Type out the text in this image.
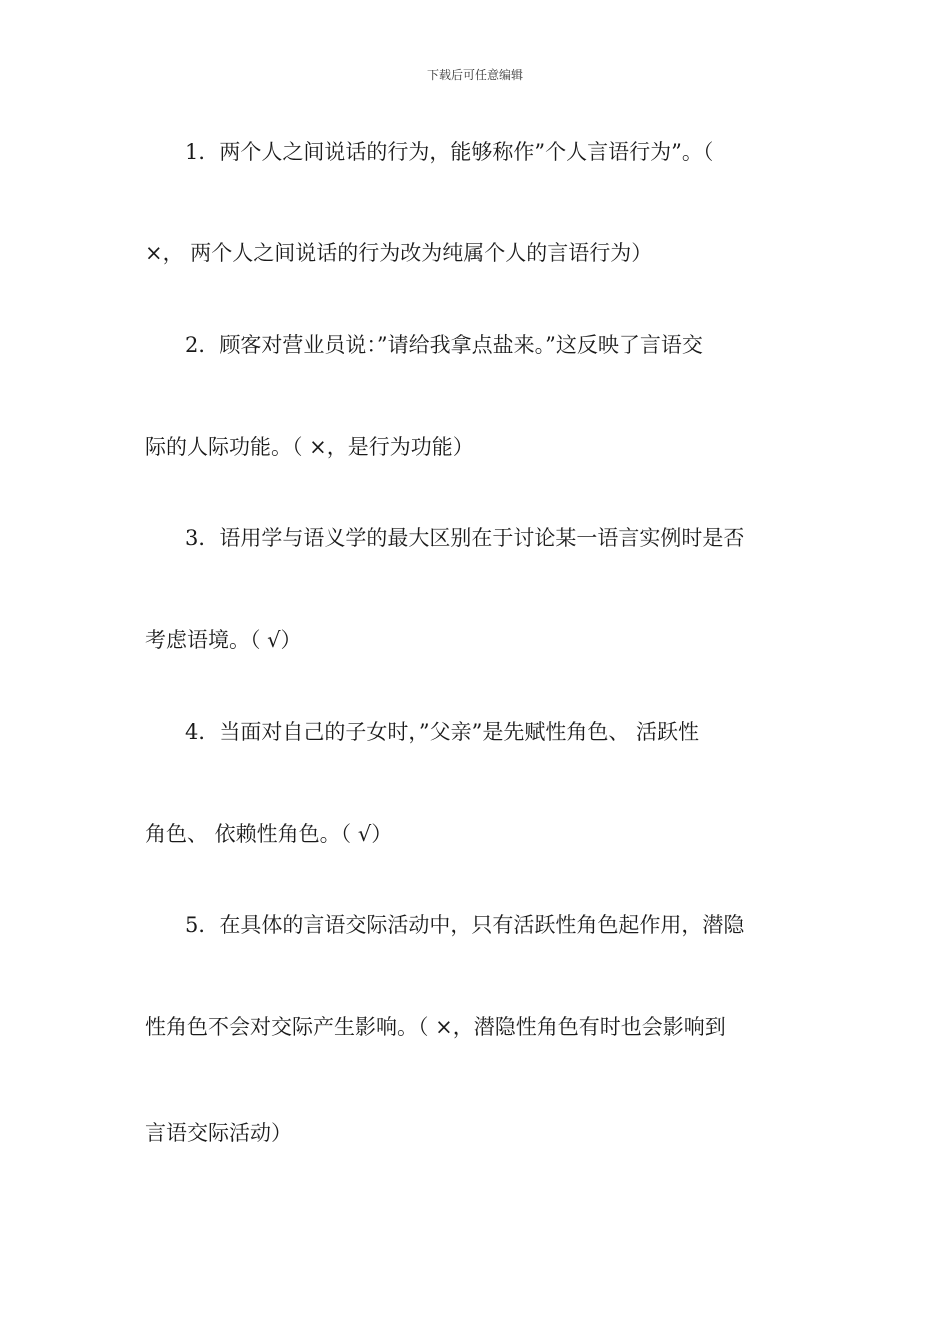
下载后可任意编辑
1．两个人之间说话的行为，能够称作”个人言语行为”。（
×， 两个人之间说话的行为改为纯属个人的言语行为）
2．顾客对营业员说：”请给我拿点盐来。”这反映了言语交
际的人际功能。（ ×，是行为功能）
3．语用学与语义学的最大区别在于讨论某一语言实例时是否
考虑语境。（ √）
4．当面对自己的子女时，”父亲”是先赋性角色、 活跃性
角色、 依赖性角色。（ √）
5．在具体的言语交际活动中，只有活跃性角色起作用，潜隐
性角色不会对交际产生影响。（ ×，潜隐性角色有时也会影响到
言语交际活动）
